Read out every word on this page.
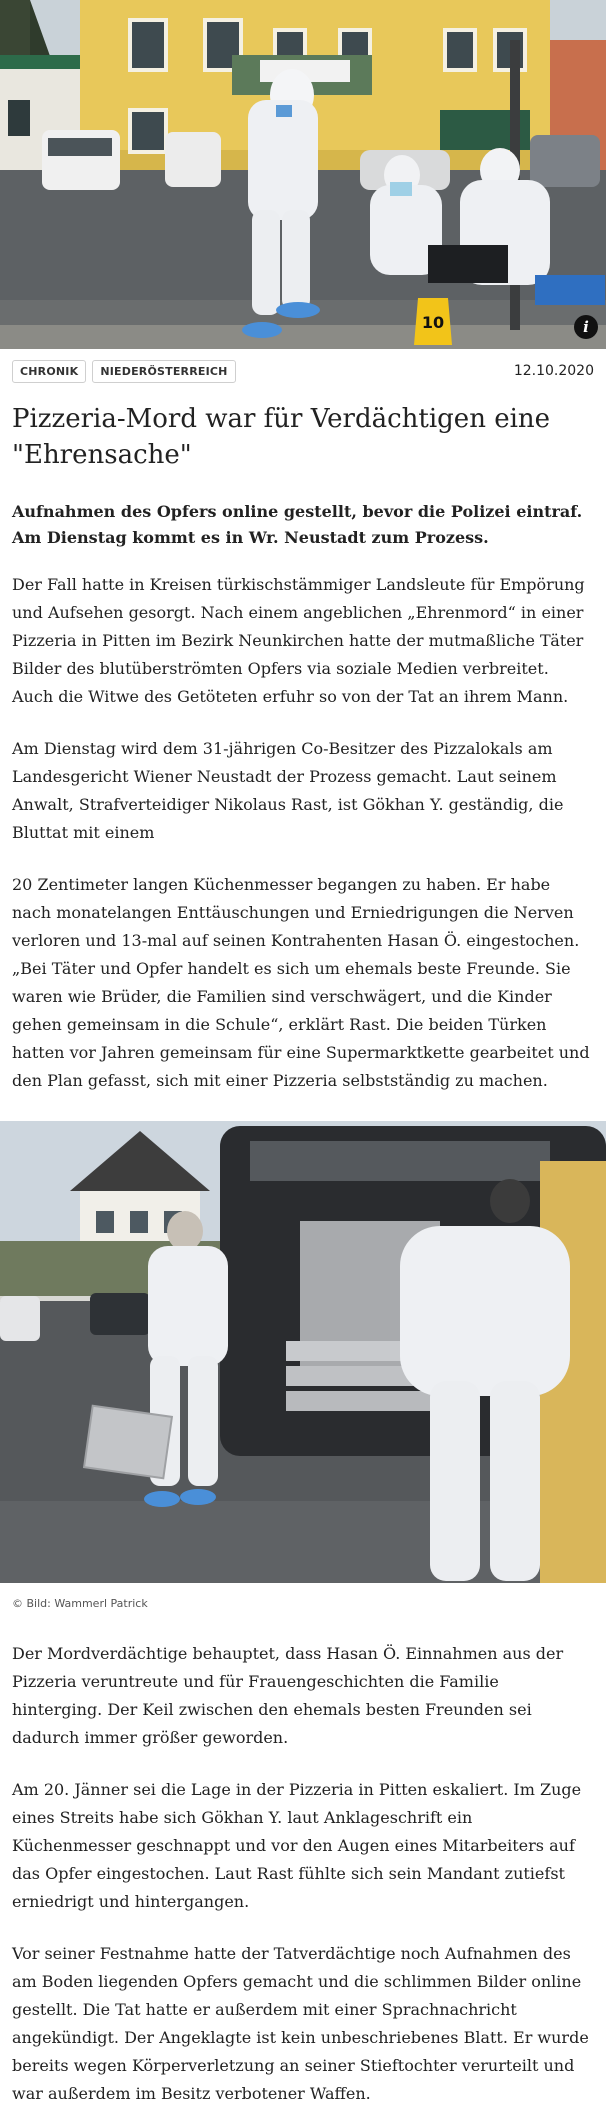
10	i
CHRONIK	NIEDERÖSTERREICH	12.10.2020
Pizzeria-Mord war für Verdächtigen eine "Ehrensache"
Aufnahmen des Opfers online gestellt, bevor die Polizei eintraf. Am Dienstag kommt es in Wr. Neustadt zum Prozess.
Der Fall hatte in Kreisen türkischstämmiger Landsleute für Empörung und Aufsehen gesorgt. Nach einem angeblichen „Ehrenmord“ in einer Pizzeria in Pitten im Bezirk Neunkirchen hatte der mutmaßliche Täter Bilder des blutüberströmten Opfers via soziale Medien verbreitet. Auch die Witwe des Getöteten erfuhr so von der Tat an ihrem Mann.
Am Dienstag wird dem 31-jährigen Co-Besitzer des Pizzalokals am Landesgericht Wiener Neustadt der Prozess gemacht. Laut seinem Anwalt, Strafverteidiger Nikolaus Rast, ist Gökhan Y. geständig, die Bluttat mit einem
20 Zentimeter langen Küchenmesser begangen zu haben. Er habe nach monatelangen Enttäuschungen und Erniedrigungen die Nerven verloren und 13-mal auf seinen Kontrahenten Hasan Ö. eingestochen. „Bei Täter und Opfer handelt es sich um ehemals beste Freunde. Sie waren wie Brüder, die Familien sind verschwägert, und die Kinder gehen gemeinsam in die Schule“, erklärt Rast. Die beiden Türken hatten vor Jahren gemeinsam für eine Supermarktkette gearbeitet und den Plan gefasst, sich mit einer Pizzeria selbstständig zu machen.
© Bild: Wammerl Patrick
Der Mordverdächtige behauptet, dass Hasan Ö. Einnahmen aus der Pizzeria veruntreute und für Frauengeschichten die Familie hinterging. Der Keil zwischen den ehemals besten Freunden sei dadurch immer größer geworden.
Am 20. Jänner sei die Lage in der Pizzeria in Pitten eskaliert. Im Zuge eines Streits habe sich Gökhan Y. laut Anklageschrift ein Küchenmesser geschnappt und vor den Augen eines Mitarbeiters auf das Opfer eingestochen. Laut Rast fühlte sich sein Mandant zutiefst erniedrigt und hintergangen.
Vor seiner Festnahme hatte der Tatverdächtige noch Aufnahmen des am Boden liegenden Opfers gemacht und die schlimmen Bilder online gestellt. Die Tat hatte er außerdem mit einer Sprachnachricht angekündigt. Der Angeklagte ist kein unbeschriebenes Blatt. Er wurde bereits wegen Körperverletzung an seiner Stieftochter verurteilt und war außerdem im Besitz verbotener Waffen.
